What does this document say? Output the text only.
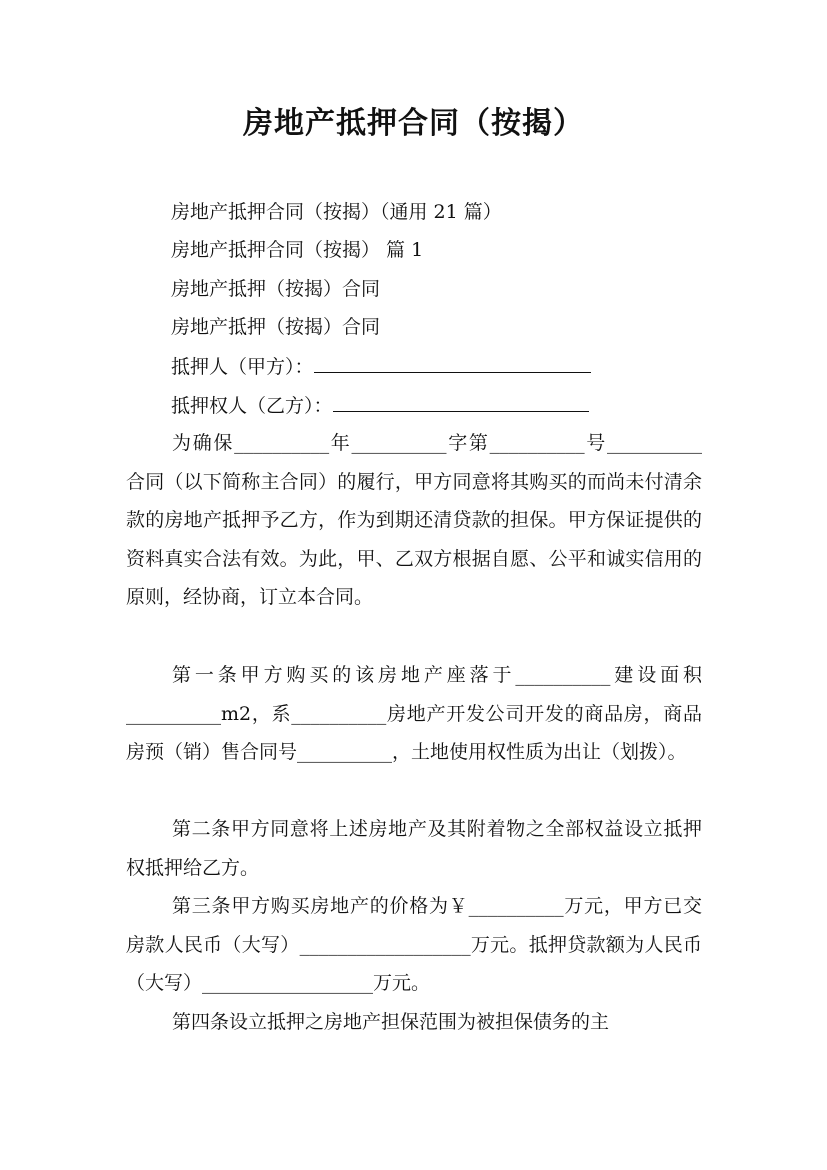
房地产抵押合同（按揭）
房地产抵押合同（按揭）（通用 21 篇）
房地产抵押合同（按揭） 篇 1
房地产抵押（按揭）合同
房地产抵押（按揭）合同
抵押人（甲方）：
抵押权人（乙方）：
为确保__________年__________字第__________号__________合同（以下简称主合同）的履行，甲方同意将其购买的而尚未付清余款的房地产抵押予乙方，作为到期还清贷款的担保。甲方保证提供的资料真实合法有效。为此，甲、乙双方根据自愿、公平和诚实信用的原则，经协商，订立本合同。
第一条甲方购买的该房地产座落于__________建设面积__________m2，系__________房地产开发公司开发的商品房，商品房预（销）售合同号__________，土地使用权性质为出让（划拨）。
第二条甲方同意将上述房地产及其附着物之全部权益设立抵押权抵押给乙方。
第三条甲方购买房地产的价格为￥__________万元，甲方已交房款人民币（大写）__________________万元。抵押贷款额为人民币（大写）__________________万元。
第四条设立抵押之房地产担保范围为被担保债务的主
